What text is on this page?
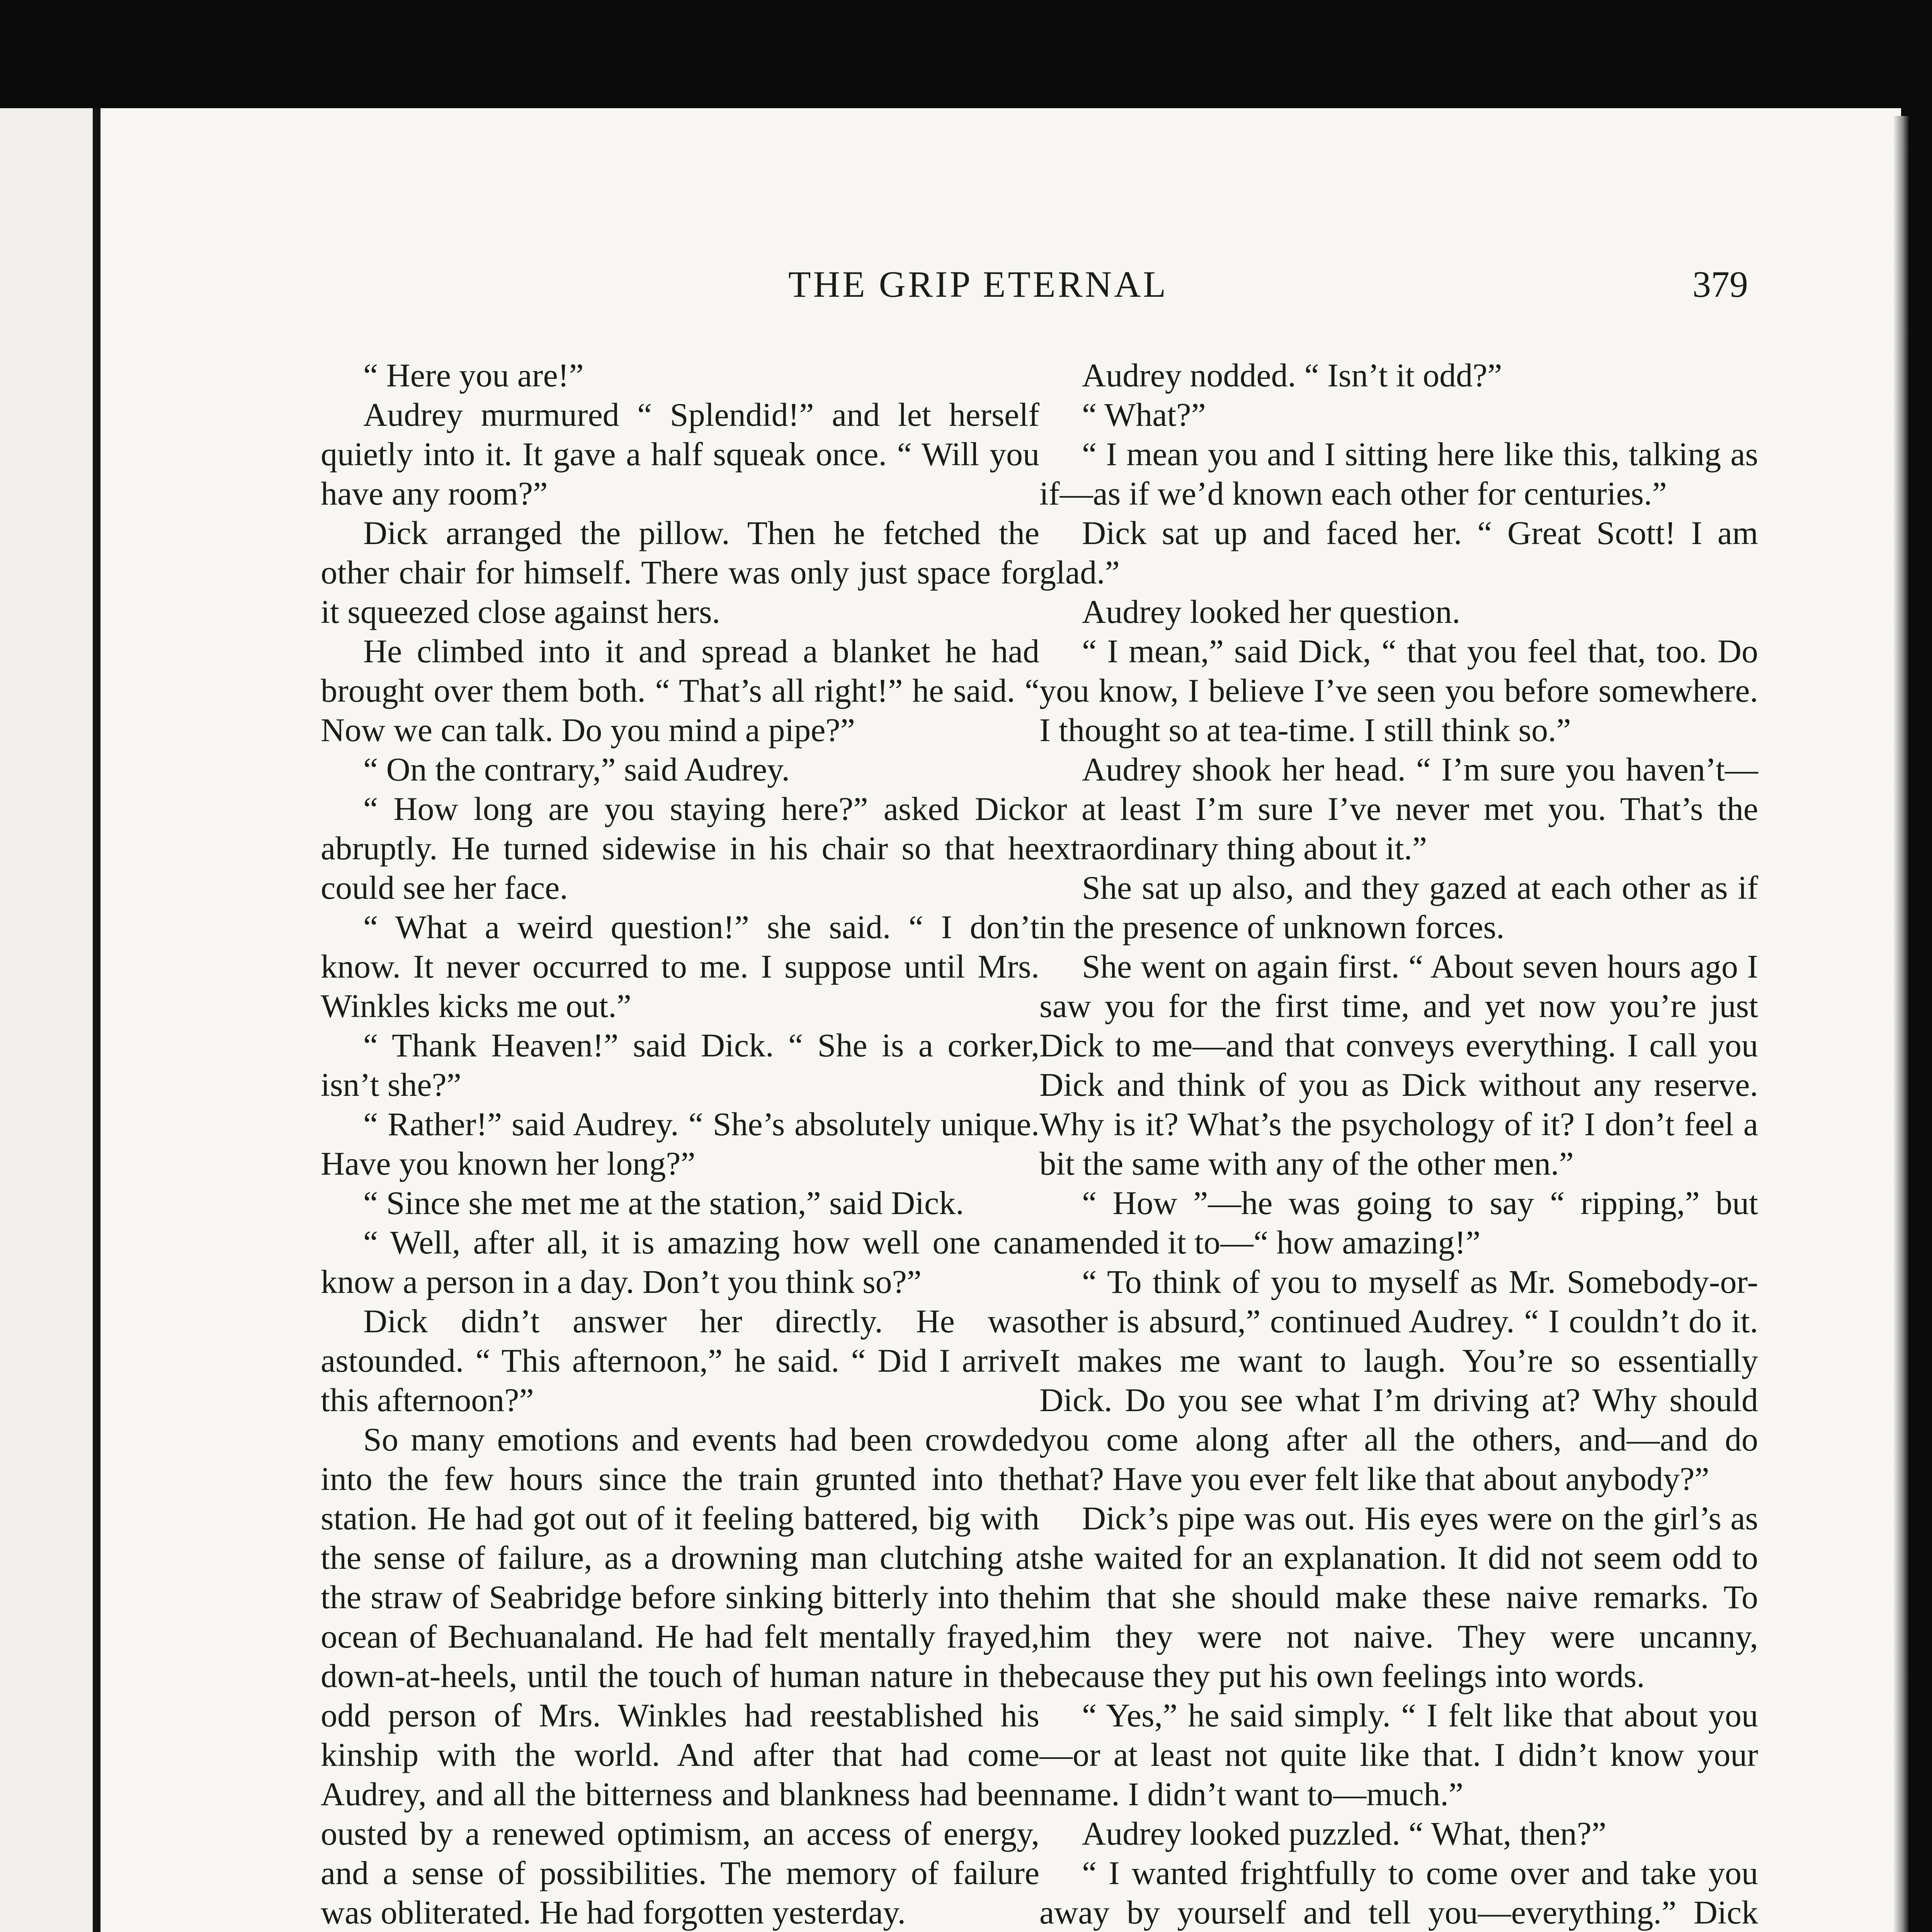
THE GRIP ETERNAL	379

“ Here you are!”

Audrey murmured “ Splendid!” and let herself quietly into it. It gave a half squeak once. “ Will you have any room?”

Dick arranged the pillow. Then he fetched the other chair for himself. There was only just space for it squeezed close against hers.

He climbed into it and spread a blanket he had brought over them both. “ That’s all right!” he said. “ Now we can talk. Do you mind a pipe?”

“ On the contrary,” said Audrey.

“ How long are you staying here?” asked Dick abruptly. He turned sidewise in his chair so that he could see her face.

“ What a weird question!” she said. “ I don’t know. It never occurred to me. I suppose until Mrs. Winkles kicks me out.”

“ Thank Heaven!” said Dick. “ She is a corker, isn’t she?”

“ Rather!” said Audrey. “ She’s absolutely unique. Have you known her long?”

“ Since she met me at the station,” said Dick.

“ Well, after all, it is amazing how well one can know a person in a day. Don’t you think so?”

Dick didn’t answer her directly. He was astounded. “ This afternoon,” he said. “ Did I arrive this afternoon?”

So many emotions and events had been crowded into the few hours since the train grunted into the station. He had got out of it feeling battered, big with the sense of failure, as a drowning man clutching at the straw of Seabridge before sinking bitterly into the ocean of Bechuanaland. He had felt mentally frayed, down-at-heels, until the touch of human nature in the odd person of Mrs. Winkles had reestablished his kinship with the world. And after that had come Audrey, and all the bitterness and blankness had been ousted by a renewed optimism, an access of energy, and a sense of possibilities. The memory of failure was obliterated. He had forgotten yesterday.

Audrey nodded. “ Isn’t it odd?”

“ What?”

“ I mean you and I sitting here like this, talking as if—as if we’d known each other for centuries.”

Dick sat up and faced her. “ Great Scott! I am glad.”

Audrey looked her question.

“ I mean,” said Dick, “ that you feel that, too. Do you know, I believe I’ve seen you before somewhere. I thought so at tea-time. I still think so.”

Audrey shook her head. “ I’m sure you haven’t—or at least I’m sure I’ve never met you. That’s the extraordinary thing about it.”

She sat up also, and they gazed at each other as if in the presence of unknown forces.

She went on again first. “ About seven hours ago I saw you for the first time, and yet now you’re just Dick to me—and that conveys everything. I call you Dick and think of you as Dick without any reserve. Why is it? What’s the psychology of it? I don’t feel a bit the same with any of the other men.”

“ How ”—he was going to say “ ripping,” but amended it to—“ how amazing!”

“ To think of you to myself as Mr. Somebody-or-other is absurd,” continued Audrey. “ I couldn’t do it. It makes me want to laugh. You’re so essentially Dick. Do you see what I’m driving at? Why should you come along after all the others, and—and do that? Have you ever felt like that about anybody?”

Dick’s pipe was out. His eyes were on the girl’s as she waited for an explanation. It did not seem odd to him that she should make these naive remarks. To him they were not naive. They were uncanny, because they put his own feelings into words.

“ Yes,” he said simply. “ I felt like that about you—or at least not quite like that. I didn’t know your name. I didn’t want to—much.”

Audrey looked puzzled. “ What, then?”

“ I wanted frightfully to come over and take you away by yourself and tell you—everything.” Dick
